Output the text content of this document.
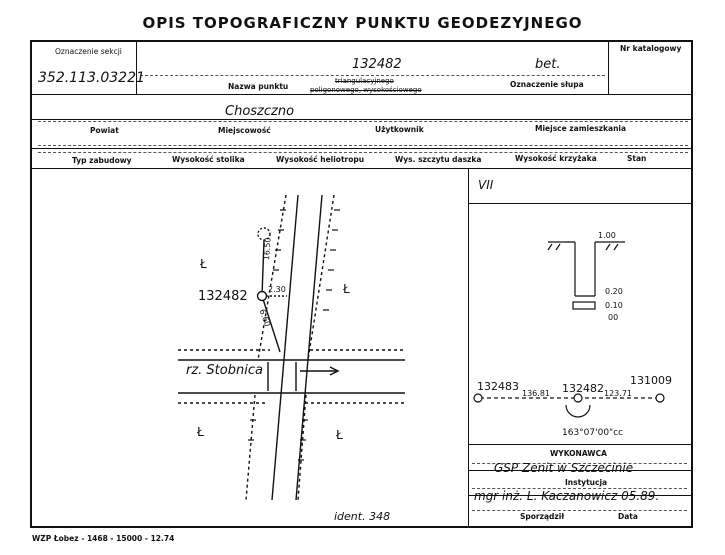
OPIS TOPOGRAFICZNY PUNKTU GEODEZYJNEGO
Oznaczenie sekcji
352.113.03221
132482
Nazwa punktu
triangulacyjnego
poligonowego, wysokościowego
bet.
Oznaczenie słupa
Nr katalogowy
Choszczno
Powiat	Miejscowość	Użytkownik	Miejsce zamieszkania
Typ zabudowy	Wysokość stolika	Wysokość heliotropu	Wys. szczytu daszka	Wysokość krzyżaka	Stan
132482
rz. Stobnica
Ł
Ł
Ł	Ł
16.50
2.30
6.60
ident. 348
VII
1.00
0.20
0.10
00
132483	132482
131009
136.81	123.71
163°07'00"cc
WYKONAWCA
GSP Zenit w Szczecinie
Instytucja
mgr inż. L. Kaczanowicz 05.89.
Sporządził	Data
WZP Łobez - 1468 - 15000 - 12.74
